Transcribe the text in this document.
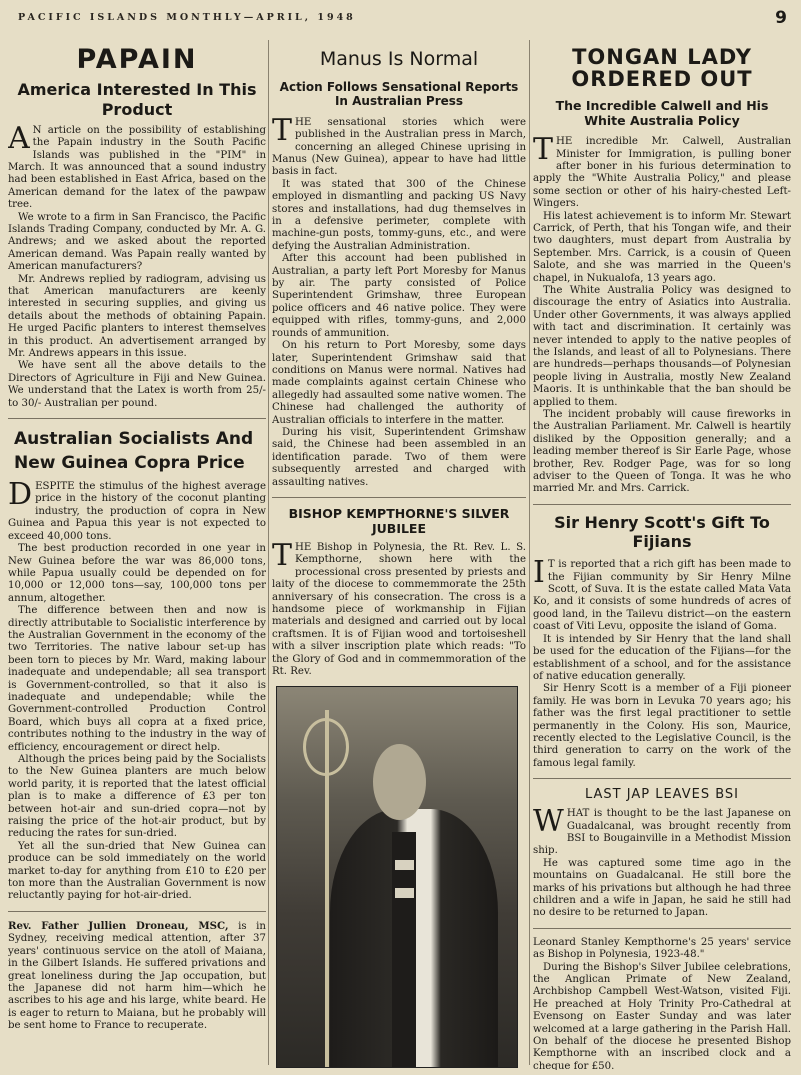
PACIFIC ISLANDS MONTHLY—APRIL, 1948	9
PAPAIN
America Interested In This Product
A N article on the possibility of establishing the Papain industry in the South Pacific Islands was published in the "PIM" in March. It was announced that a sound industry had been established in East Africa, based on the American demand for the latex of the pawpaw tree.

We wrote to a firm in San Francisco, the Pacific Islands Trading Company, conducted by Mr. A. G. Andrews; and we asked about the reported American demand. Was Papain really wanted by American manufacturers?

Mr. Andrews replied by radiogram, advising us that American manufacturers are keenly interested in securing supplies, and giving us details about the methods of obtaining Papain. He urged Pacific planters to interest themselves in this product. An advertisement arranged by Mr. Andrews appears in this issue.

We have sent all the above details to the Directors of Agriculture in Fiji and New Guinea. We understand that the Latex is worth from 25/- to 30/- Australian per pound.

Australian Socialists And New Guinea Copra Price
D ESPITE the stimulus of the highest average price in the history of the coconut planting industry, the production of copra in New Guinea and Papua this year is not expected to exceed 40,000 tons.

The best production recorded in one year in New Guinea before the war was 86,000 tons, while Papua usually could be depended on for 10,000 or 12,000 tons—say, 100,000 tons per annum, altogether.

The difference between then and now is directly attributable to Socialistic interference by the Australian Government in the economy of the two Territories. The native labour set-up has been torn to pieces by Mr. Ward, making labour inadequate and undependable; all sea transport is Government-controlled, so that it also is inadequate and undependable; while the Government-controlled Production Control Board, which buys all copra at a fixed price, contributes nothing to the industry in the way of efficiency, encouragement or direct help.

Although the prices being paid by the Socialists to the New Guinea planters are much below world parity, it is reported that the latest official plan is to make a difference of £3 per ton between hot-air and sun-dried copra—not by raising the price of the hot-air product, but by reducing the rates for sun-dried.

Yet all the sun-dried that New Guinea can produce can be sold immediately on the world market to-day for anything from £10 to £20 per ton more than the Australian Government is now reluctantly paying for hot-air-dried.

Rev. Father Jullien Droneau, MSC, is in Sydney, receiving medical attention, after 37 years' continuous service on the atoll of Maiana, in the Gilbert Islands. He suffered privations and great loneliness during the Jap occupation, but the Japanese did not harm him—which he ascribes to his age and his large, white beard. He is eager to return to Maiana, but he probably will be sent home to France to recuperate.

Manus Is Normal
Action Follows Sensational Reports In Australian Press
T HE sensational stories which were published in the Australian press in March, concerning an alleged Chinese uprising in Manus (New Guinea), appear to have had little basis in fact.

It was stated that 300 of the Chinese employed in dismantling and packing US Navy stores and installations, had dug themselves in in a defensive perimeter, complete with machine-gun posts, tommy-guns, etc., and were defying the Australian Administration.

After this account had been published in Australian, a party left Port Moresby for Manus by air. The party consisted of Police Superintendent Grimshaw, three European police officers and 46 native police. They were equipped with rifles, tommy-guns, and 2,000 rounds of ammunition.

On his return to Port Moresby, some days later, Superintendent Grimshaw said that conditions on Manus were normal. Natives had made complaints against certain Chinese who allegedly had assaulted some native women. The Chinese had challenged the authority of Australian officials to interfere in the matter.

During his visit, Superintendent Grimshaw said, the Chinese had been assembled in an identification parade. Two of them were subsequently arrested and charged with assaulting natives.

BISHOP KEMPTHORNE'S SILVER JUBILEE
T HE Bishop in Polynesia, the Rt. Rev. L. S. Kempthorne, shown here with the processional cross presented by priests and laity of the diocese to commemmorate the 25th anniversary of his consecration. The cross is a handsome piece of workmanship in Fijian materials and designed and carried out by local craftsmen. It is of Fijian wood and tortoiseshell with a silver inscription plate which reads: "To the Glory of God and in commemmoration of the Rt. Rev.

TONGAN LADY ORDERED OUT
The Incredible Calwell and His White Australia Policy
T HE incredible Mr. Calwell, Australian Minister for Immigration, is pulling boner after boner in his furious determination to apply the "White Australia Policy," and please some section or other of his hairy-chested Left-Wingers.

His latest achievement is to inform Mr. Stewart Carrick, of Perth, that his Tongan wife, and their two daughters, must depart from Australia by September. Mrs. Carrick, is a cousin of Queen Salote, and she was married in the Queen's chapel, in Nukualofa, 13 years ago.

The White Australia Policy was designed to discourage the entry of Asiatics into Australia. Under other Governments, it was always applied with tact and discrimination. It certainly was never intended to apply to the native peoples of the Islands, and least of all to Polynesians. There are hundreds—perhaps thousands—of Polynesian people living in Australia, mostly New Zealand Maoris. It is unthinkable that the ban should be applied to them.

The incident probably will cause fireworks in the Australian Parliament. Mr. Calwell is heartily disliked by the Opposition generally; and a leading member thereof is Sir Earle Page, whose brother, Rev. Rodger Page, was for so long adviser to the Queen of Tonga. It was he who married Mr. and Mrs. Carrick.

Sir Henry Scott's Gift To Fijians
I T is reported that a rich gift has been made to the Fijian community by Sir Henry Milne Scott, of Suva. It is the estate called Mata Vata Ko, and it consists of some hundreds of acres of good land, in the Tailevu district—on the eastern coast of Viti Levu, opposite the island of Goma.

It is intended by Sir Henry that the land shall be used for the education of the Fijians—for the establishment of a school, and for the assistance of native education generally.

Sir Henry Scott is a member of a Fiji pioneer family. He was born in Levuka 70 years ago; his father was the first legal practitioner to settle permanently in the Colony. His son, Maurice, recently elected to the Legislative Council, is the third generation to carry on the work of the famous legal family.

LAST JAP LEAVES BSI
W HAT is thought to be the last Japanese on Guadalcanal, was brought recently from BSI to Bougainville in a Methodist Mission ship.

He was captured some time ago in the mountains on Guadalcanal. He still bore the marks of his privations but although he had three children and a wife in Japan, he said he still had no desire to be returned to Japan.

Leonard Stanley Kempthorne's 25 years' service as Bishop in Polynesia, 1923-48."

During the Bishop's Silver Jubilee celebrations, the Anglican Primate of New Zealand, Archbishop Campbell West-Watson, visited Fiji. He preached at Holy Trinity Pro-Cathedral at Evensong on Easter Sunday and was later welcomed at a large gathering in the Parish Hall. On behalf of the diocese he presented Bishop Kempthorne with an inscribed clock and a cheque for £50.
